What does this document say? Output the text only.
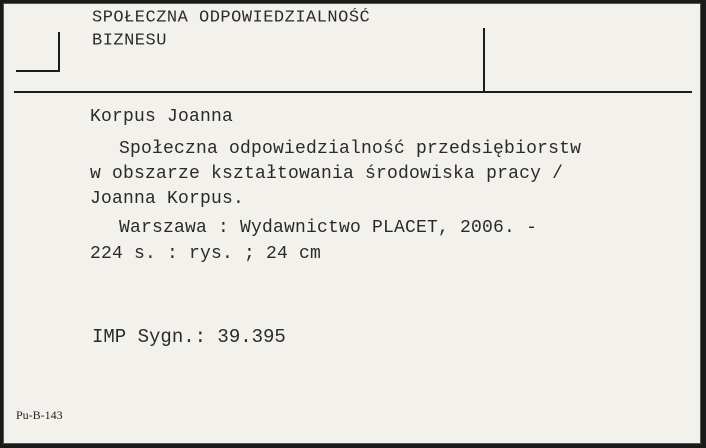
SPOŁECZNA ODPOWIEDZIALNOŚĆ
BIZNESU
Korpus Joanna
Społeczna odpowiedzialność przedsiębiorstw
w obszarze kształtowania środowiska pracy /
Joanna Korpus.
Warszawa : Wydawnictwo PLACET, 2006. -
224 s. : rys. ; 24 cm
IMP Sygn.: 39.395
Pu-B-143
